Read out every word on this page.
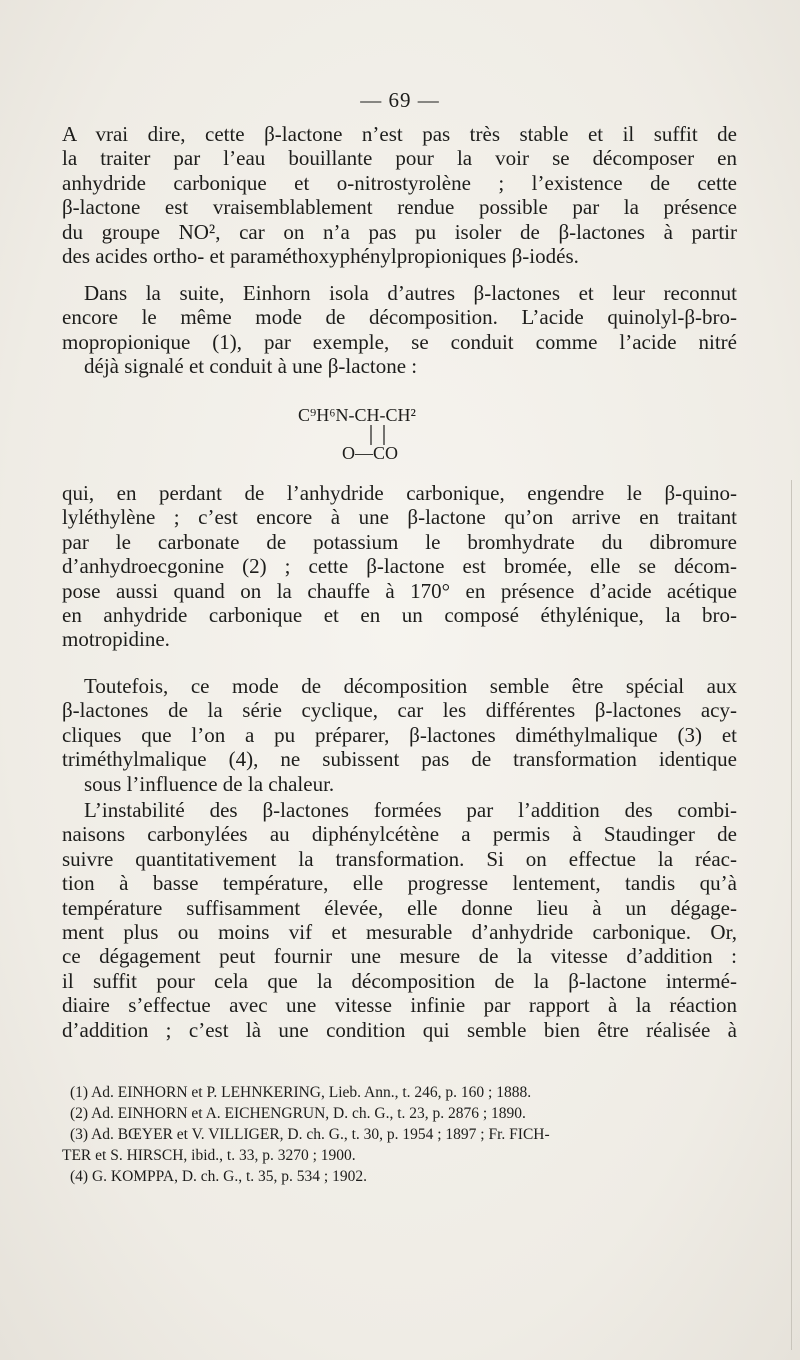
— 69 —

A vrai dire, cette β-lactone n’est pas très stable et il suffit de
la traiter par l’eau bouillante pour la voir se décomposer en
anhydride carbonique et o-nitrostyrolène ; l’existence de cette
β-lactone est vraisemblablement rendue possible par la présence
du groupe NO², car on n’a pas pu isoler de β-lactones à partir
des acides ortho- et paraméthoxyphénylpropioniques β-iodés.

Dans la suite, Einhorn isola d’autres β-lactones et leur reconnut
encore le même mode de décomposition. L’acide quinolyl-β-bro-
mopropionique (1), par exemple, se conduit comme l’acide nitré
déjà signalé et conduit à une β-lactone :

C⁹H⁶N-CH-CH²
O—CO

qui, en perdant de l’anhydride carbonique, engendre le β-quino-
lyléthylène ; c’est encore à une β-lactone qu’on arrive en traitant
par le carbonate de potassium le bromhydrate du dibromure
d’anhydroecgonine (2) ; cette β-lactone est bromée, elle se décom-
pose aussi quand on la chauffe à 170° en présence d’acide acétique
en anhydride carbonique et en un composé éthylénique, la bro-
motropidine.

Toutefois, ce mode de décomposition semble être spécial aux
β-lactones de la série cyclique, car les différentes β-lactones acy-
cliques que l’on a pu préparer, β-lactones diméthylmalique (3) et
triméthylmalique (4), ne subissent pas de transformation identique
sous l’influence de la chaleur.

L’instabilité des β-lactones formées par l’addition des combi-
naisons carbonylées au diphénylcétène a permis à Staudinger de
suivre quantitativement la transformation. Si on effectue la réac-
tion à basse température, elle progresse lentement, tandis qu’à
température suffisamment élevée, elle donne lieu à un dégage-
ment plus ou moins vif et mesurable d’anhydride carbonique. Or,
ce dégagement peut fournir une mesure de la vitesse d’addition :
il suffit pour cela que la décomposition de la β-lactone intermé-
diaire s’effectue avec une vitesse infinie par rapport à la réaction
d’addition ; c’est là une condition qui semble bien être réalisée à

(1) Ad. EINHORN et P. LEHNKERING, Lieb. Ann., t. 246, p. 160 ; 1888.

(2) Ad. EINHORN et A. EICHENGRUN, D. ch. G., t. 23, p. 2876 ; 1890.

(3) Ad. BŒYER et V. VILLIGER, D. ch. G., t. 30, p. 1954 ; 1897 ; Fr. FICH-

TER et S. HIRSCH, ibid., t. 33, p. 3270 ; 1900.

(4) G. KOMPPA, D. ch. G., t. 35, p. 534 ; 1902.
